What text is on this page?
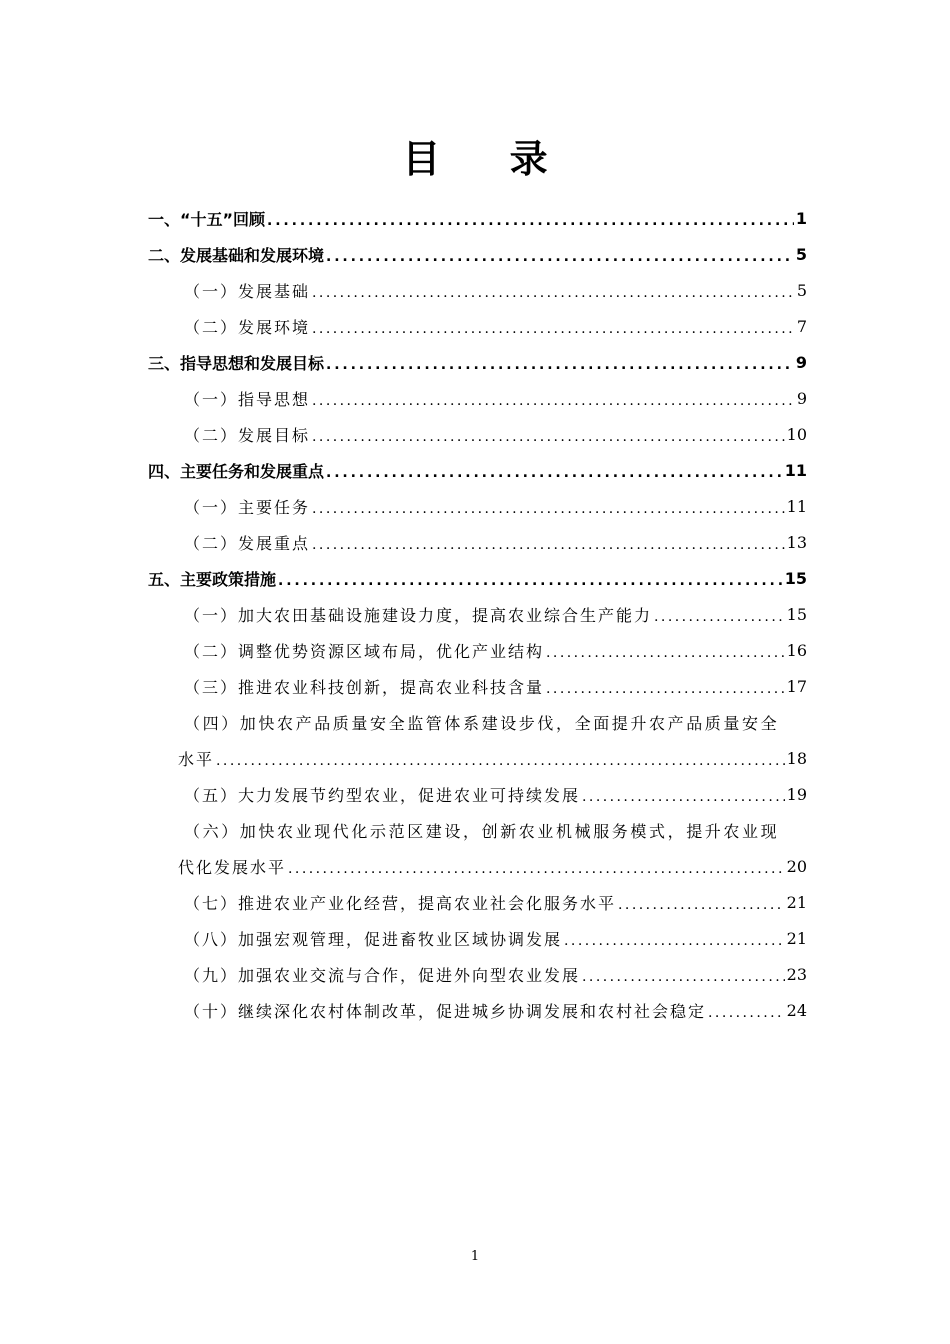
目 录
一、“十五”回顾 . . .	1
二、发展基础和发展环境 . . .	5
（一）发展基础 . . .	5
（二）发展环境 . . .	7
三、指导思想和发展目标 . . .	9
（一）指导思想 . . .	9
（二）发展目标 . . .	10
四、主要任务和发展重点 . . .	11
（一）主要任务 . . .	11
（二）发展重点 . . .	13
五、主要政策措施 . . .	15
（一）加大农田基础设施建设力度，提高农业综合生产能力 . . .	15
（二）调整优势资源区域布局，优化产业结构 . . .	16
（三）推进农业科技创新，提高农业科技含量 . . .	17
（四）加快农产品质量安全监管体系建设步伐，全面提升农产品质量安全
水平 . . .	18
（五）大力发展节约型农业，促进农业可持续发展 . . .	19
（六）加快农业现代化示范区建设，创新农业机械服务模式，提升农业现
代化发展水平 . . .	20
（七）推进农业产业化经营，提高农业社会化服务水平 . . .	21
（八）加强宏观管理，促进畜牧业区域协调发展 . . .	21
（九）加强农业交流与合作，促进外向型农业发展 . . .	23
（十）继续深化农村体制改革，促进城乡协调发展和农村社会稳定 . . .	24
1
